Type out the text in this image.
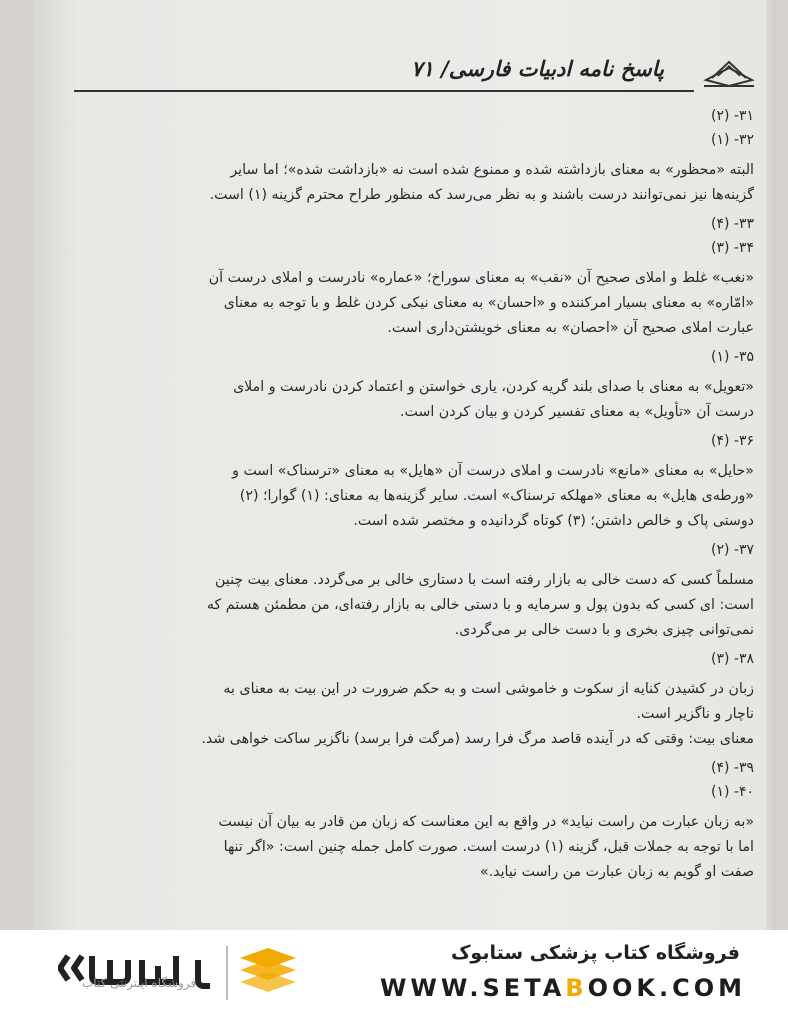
پاسخ نامه ادبیات فارسی/ ۷۱
۳۱- (۲)
۳۲- (۱)

البته «محظور» به معنای بازداشته شده و ممنوع شده است نه «بازداشت شده»؛ اما سایر

گزینه‌ها نیز نمی‌توانند درست باشند و به نظر می‌رسد که منظور طراح محترم گزینه (۱) است.

۳۳- (۴)
۳۴- (۳)

«نغب» غلط و املای صحیح آن «نقب» به معنای سوراخ؛ «عماره» نادرست و املای درست آن

«امّاره» به معنای بسیار امرکننده و «احسان» به معنای نیکی کردن غلط و با توجه به معنای

عبارت املای صحیح آن «احصان» به معنای خویشتن‌داری است.

۳۵- (۱)

«تعویل» به معنای با صدای بلند گریه کردن، یاری خواستن و اعتماد کردن نادرست و املای

درست آن «تأویل» به معنای تفسیر کردن و بیان کردن است.

۳۶- (۴)

«حایل» به معنای «مانع» نادرست و املای درست آن «هایل» به معنای «ترسناک» است و

«ورطه‌ی هایل» به معنای «مهلکه ترسناک» است. سایر گزینه‌ها به معنای: (۱) گوارا؛ (۲)

دوستی پاک و خالص داشتن؛ (۳) کوتاه گردانیده و مختصر شده است.

۳۷- (۲)

مسلماً کسی که دست خالی به بازار رفته است با دستاری خالی بر می‌گردد. معنای بیت چنین

است: ای کسی که بدون پول و سرمایه و با دستی خالی به بازار رفته‌ای، من مطمئن هستم که

نمی‌توانی چیزی بخری و با دست خالی بر می‌گردی.

۳۸- (۳)

زبان در کشیدن کنایه از سکوت و خاموشی است و به حکم ضرورت در این بیت به معنای به

ناچار و ناگزیر است.

معنای بیت: وقتی که در آینده قاصد مرگ فرا رسد (مرگت فرا برسد) ناگزیر ساکت خواهی شد.

۳۹- (۴)
۴۰- (۱)

«به زبان عبارت من راست نیاید» در واقع به این معناست که زبان من قادر به بیان آن نیست

اما با توجه به جملات قبل، گزینه (۱) درست است. صورت کامل جمله چنین است: «اگر تنها

صفت او گویم به زبان عبارت من راست نیاید.»

فروشگاه کتاب پزشکی ستابوک
WWW.SETABOOK.COM
فروشگاه اینترنتی کتاب
